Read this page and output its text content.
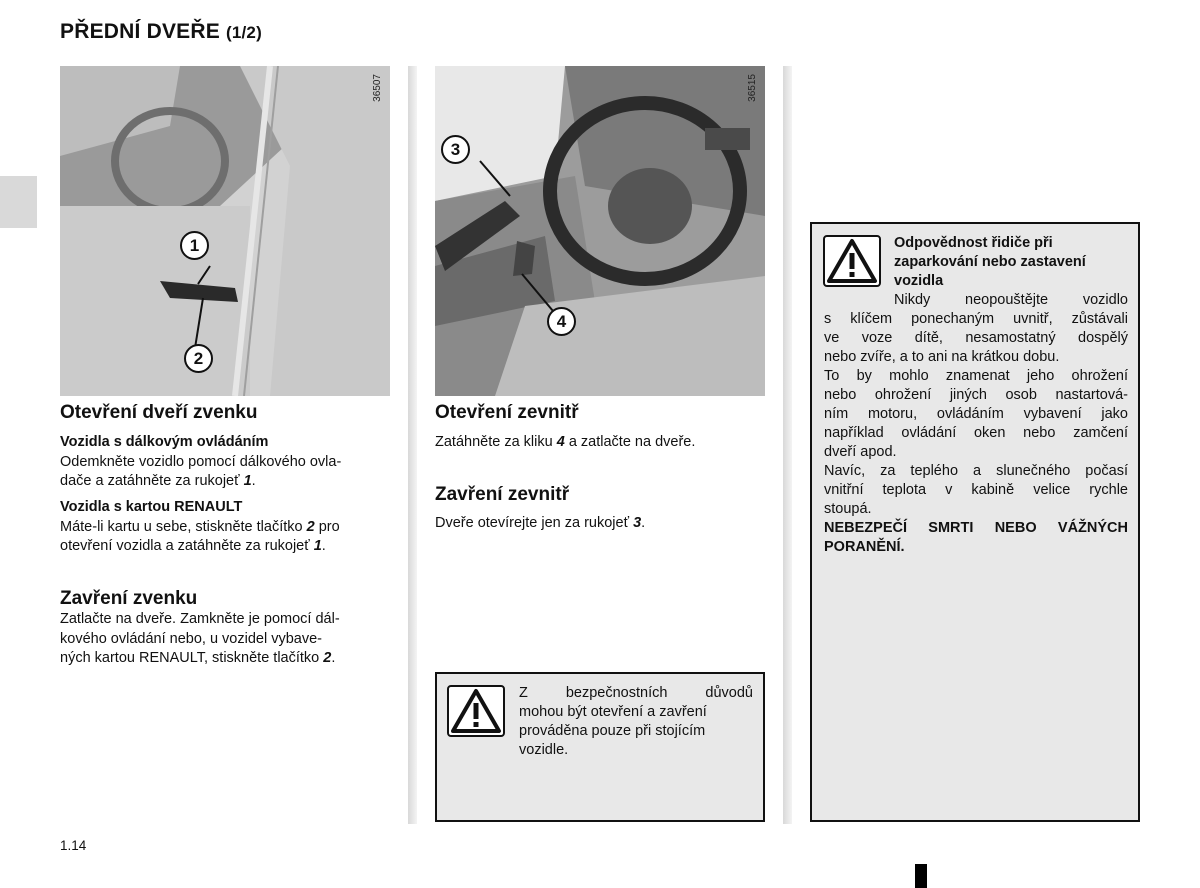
PŘEDNÍ DVEŘE (1/2)
1
2
36507
3
4
36515
Otevření dveří zvenku
Vozidla s dálkovým ovládáním
Odemkněte vozidlo pomocí dálkového ovla-
dače a zatáhněte za rukojeť 1.
Vozidla s kartou RENAULT
Máte-li kartu u sebe, stiskněte tlačítko 2 pro
otevření vozidla a zatáhněte za rukojeť 1.
Zavření zvenku
Zatlačte na dveře. Zamkněte je pomocí dál-
kového ovládání nebo, u vozidel vybave-
ných kartou RENAULT, stiskněte tlačítko 2.
Otevření zevnitř
Zatáhněte za kliku 4 a zatlačte na dveře.
Zavření zevnitř
Dveře otevírejte jen za rukojeť 3.
Z bezpečnostních důvodů
mohou být otevření a zavření
prováděna pouze při stojícím
vozidle.
Odpovědnost řidiče při
zaparkování nebo zastavení
vozidla
Nikdy neopouštějte vozidlo
s klíčem ponechaným uvnitř, zůstávali
ve voze dítě, nesamostatný dospělý
nebo zvíře, a to ani na krátkou dobu.
To by mohlo znamenat jeho ohrožení
nebo ohrožení jiných osob nastartová-
ním motoru, ovládáním vybavení jako
například ovládání oken nebo zamčení
dveří apod.
Navíc, za teplého a slunečného počasí
vnitřní teplota v kabině velice rychle
stoupá.
NEBEZPEČÍ SMRTI NEBO VÁŽNÝCH
PORANĚNÍ.
1.14
